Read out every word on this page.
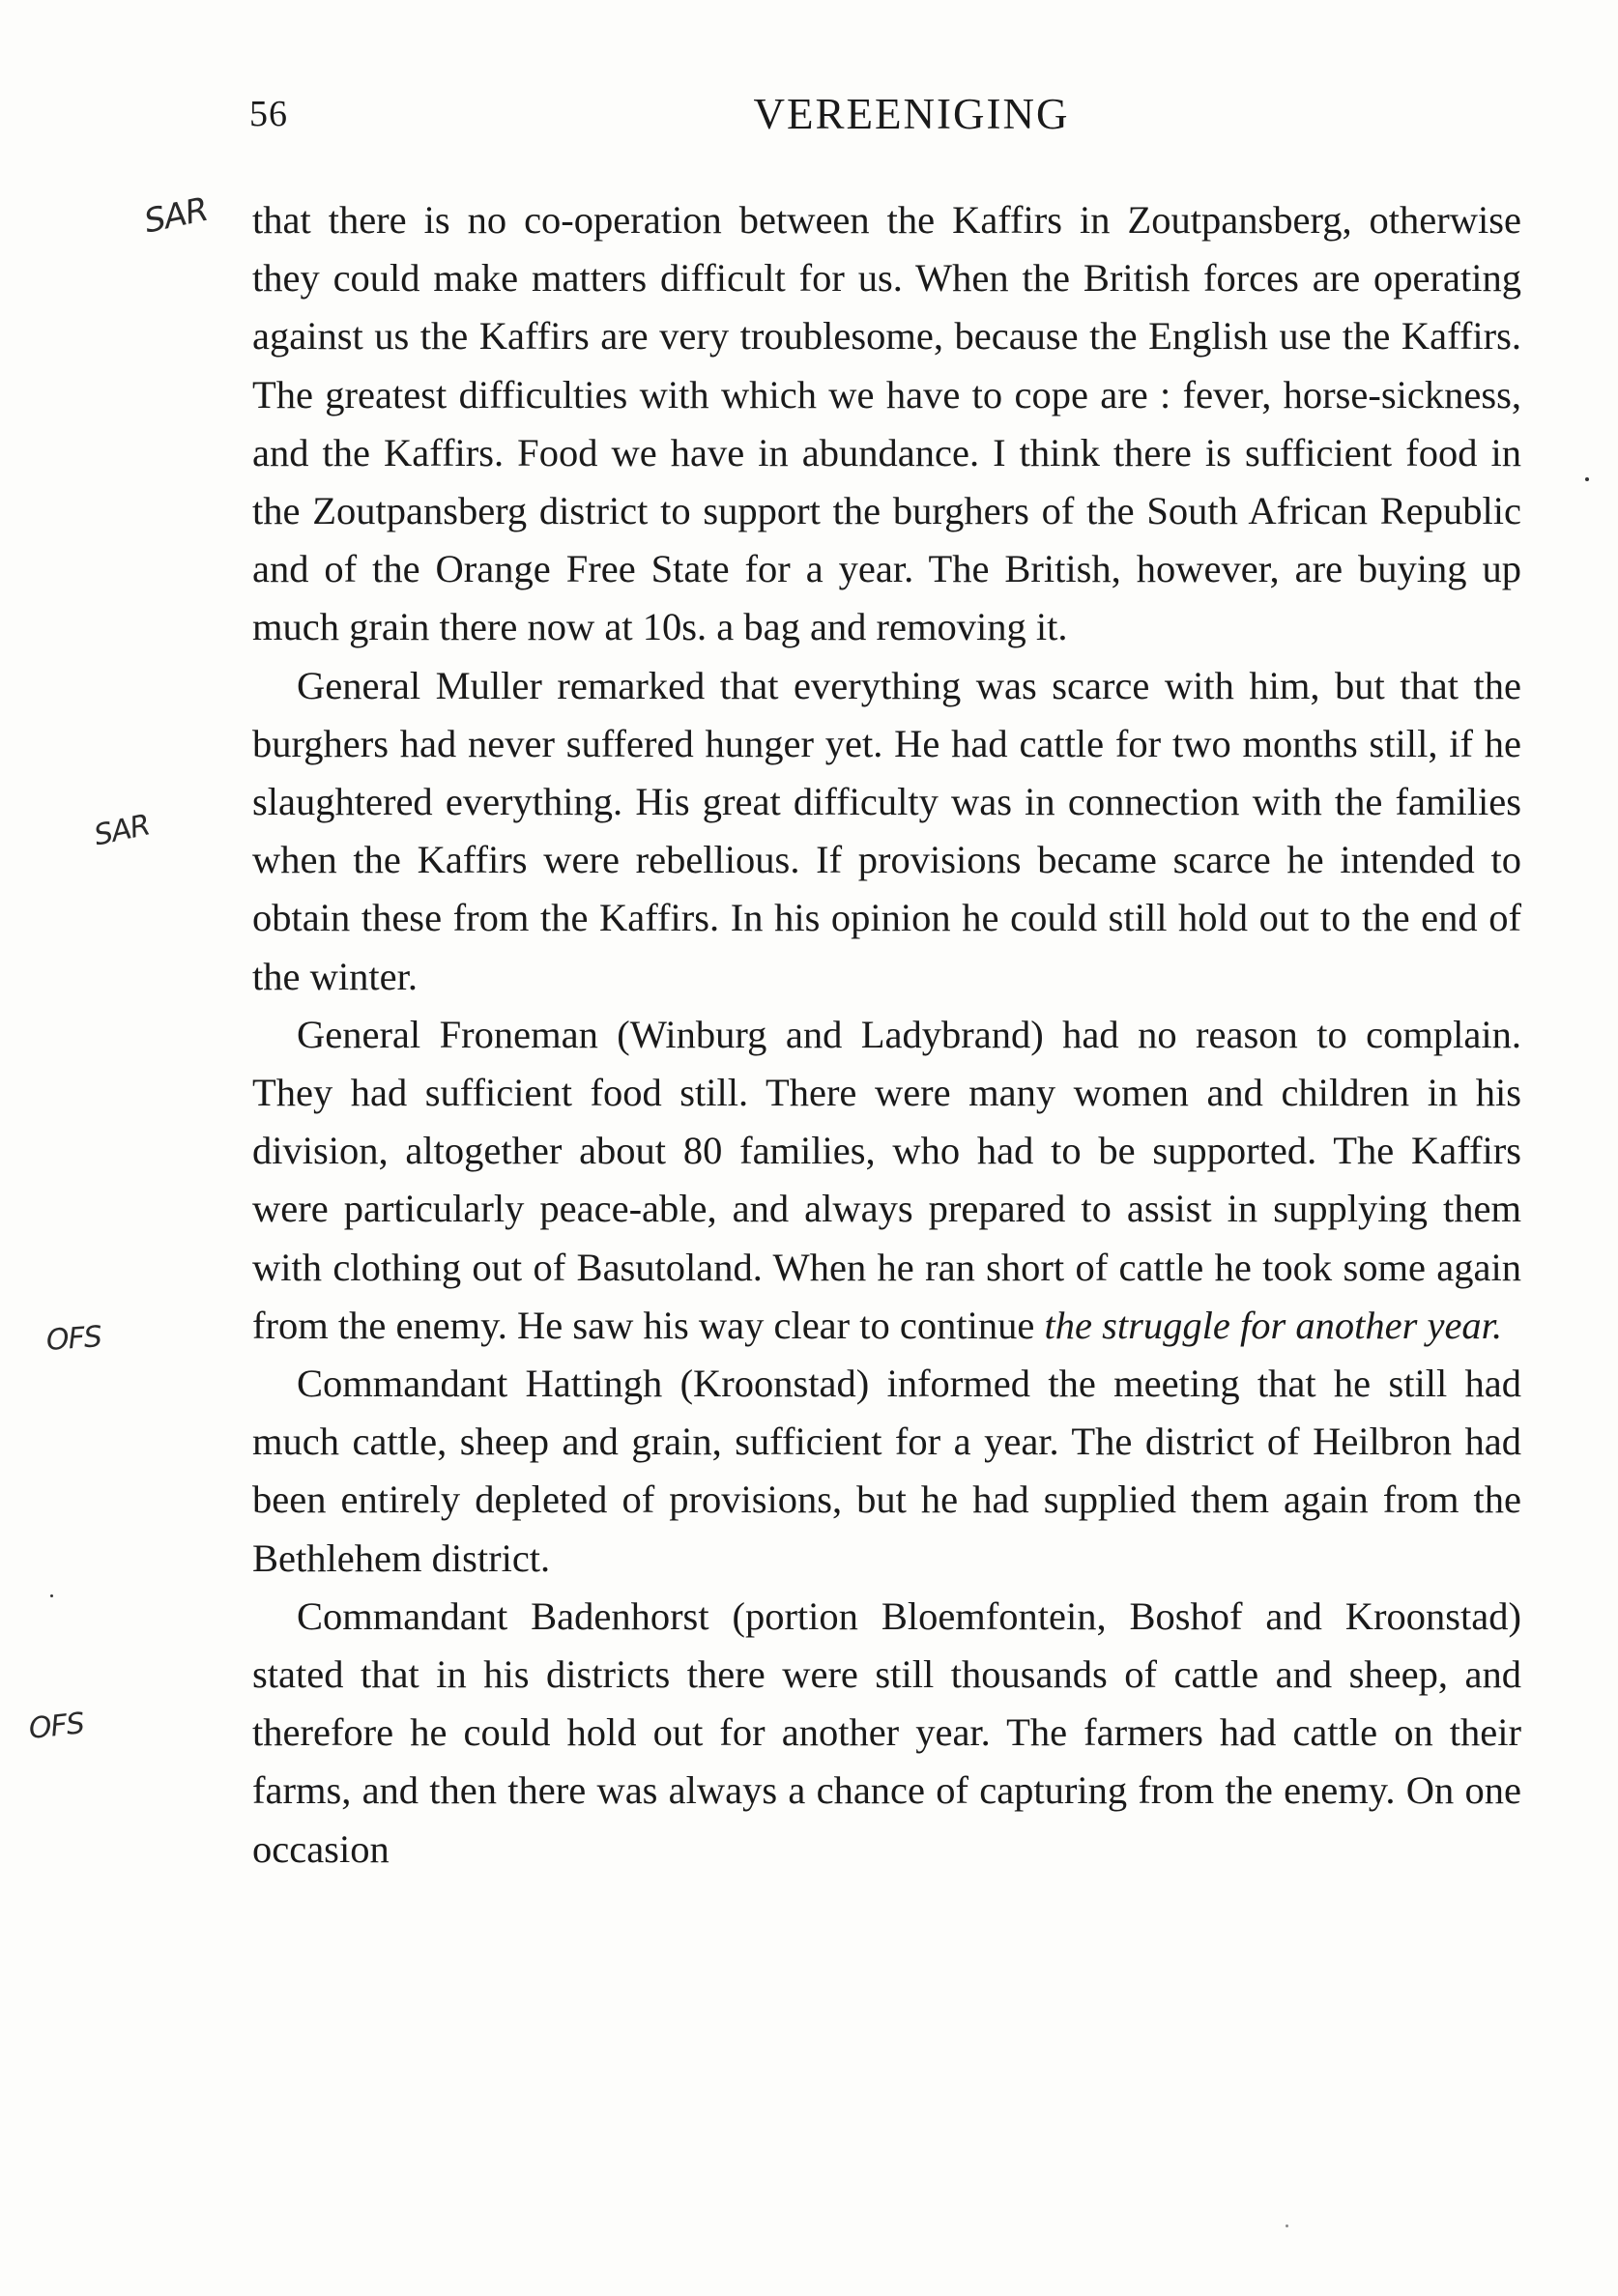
56	VEREENIGING
SAR
SAR
OFS
OFS

that there is no co-operation between the Kaffirs in Zoutpansberg, otherwise they could make matters difficult for us. When the British forces are operating against us the Kaffirs are very troublesome, because the English use the Kaffirs. The greatest difficulties with which we have to cope are : fever, horse-sickness, and the Kaffirs. Food we have in abundance. I think there is sufficient food in the Zoutpansberg district to support the burghers of the South African Republic and of the Orange Free State for a year. The British, however, are buying up much grain there now at 10s. a bag and removing it.

General Muller remarked that everything was scarce with him, but that the burghers had never suffered hunger yet. He had cattle for two months still, if he slaughtered everything. His great difficulty was in connection with the families when the Kaffirs were rebellious. If provisions became scarce he intended to obtain these from the Kaffirs. In his opinion he could still hold out to the end of the winter.

General Froneman (Winburg and Ladybrand) had no reason to complain. They had sufficient food still. There were many women and children in his division, altogether about 80 families, who had to be supported. The Kaffirs were particularly peace-able, and always prepared to assist in supplying them with clothing out of Basutoland. When he ran short of cattle he took some again from the enemy. He saw his way clear to continue the struggle for another year.

Commandant Hattingh (Kroonstad) informed the meeting that he still had much cattle, sheep and grain, sufficient for a year. The district of Heilbron had been entirely depleted of provisions, but he had supplied them again from the Bethlehem district.

Commandant Badenhorst (portion Bloemfontein, Boshof and Kroonstad) stated that in his districts there were still thousands of cattle and sheep, and therefore he could hold out for another year. The farmers had cattle on their farms, and then there was always a chance of capturing from the enemy. On one occasion
